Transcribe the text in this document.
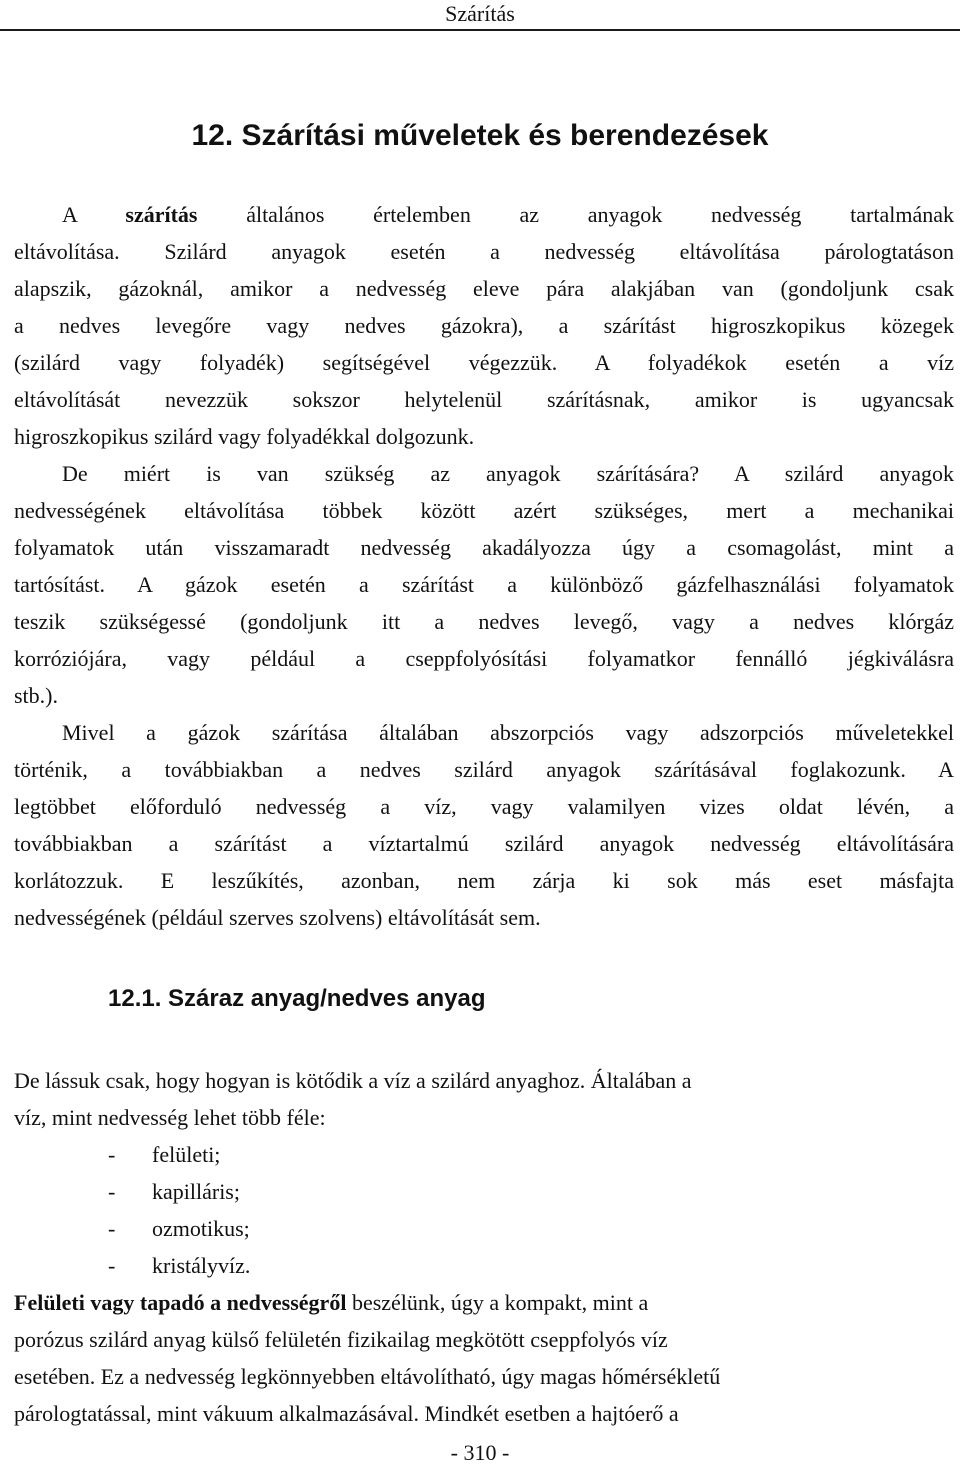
Szárítás
12. Szárítási műveletek és berendezések
A szárítás általános értelemben az anyagok nedvesség tartalmának
eltávolítása. Szilárd anyagok esetén a nedvesség eltávolítása párologtatáson
alapszik, gázoknál, amikor a nedvesség eleve pára alakjában van (gondoljunk csak
a nedves levegőre vagy nedves gázokra), a szárítást higroszkopikus közegek
(szilárd vagy folyadék) segítségével végezzük. A folyadékok esetén a víz
eltávolítását nevezzük sokszor helytelenül szárításnak, amikor is ugyancsak
higroszkopikus szilárd vagy folyadékkal dolgozunk.
De miért is van szükség az anyagok szárítására? A szilárd anyagok
nedvességének eltávolítása többek között azért szükséges, mert a mechanikai
folyamatok után visszamaradt nedvesség akadályozza úgy a csomagolást, mint a
tartósítást. A gázok esetén a szárítást a különböző gázfelhasználási folyamatok
teszik szükségessé (gondoljunk itt a nedves levegő, vagy a nedves klórgáz
korróziójára, vagy például a cseppfolyósítási folyamatkor fennálló jégkiválásra
stb.).
Mivel a gázok szárítása általában abszorpciós vagy adszorpciós műveletekkel
történik, a továbbiakban a nedves szilárd anyagok szárításával foglakozunk. A
legtöbbet előforduló nedvesség a víz, vagy valamilyen vizes oldat lévén, a
továbbiakban a szárítást a víztartalmú szilárd anyagok nedvesség eltávolítására
korlátozzuk. E leszűkítés, azonban, nem zárja ki sok más eset másfajta
nedvességének (például szerves szolvens) eltávolítását sem.
12.1. Száraz anyag/nedves anyag
De lássuk csak, hogy hogyan is kötődik a víz a szilárd anyaghoz. Általában a
víz, mint nedvesség lehet több féle:
- felületi;
- kapilláris;
- ozmotikus;
- kristályvíz.
Felületi vagy tapadó a nedvességről beszélünk, úgy a kompakt, mint a
porózus szilárd anyag külső felületén fizikailag megkötött cseppfolyós víz
esetében. Ez a nedvesség legkönnyebben eltávolítható, úgy magas hőmérsékletű
párologtatással, mint vákuum alkalmazásával. Mindkét esetben a hajtóerő a
- 310 -
